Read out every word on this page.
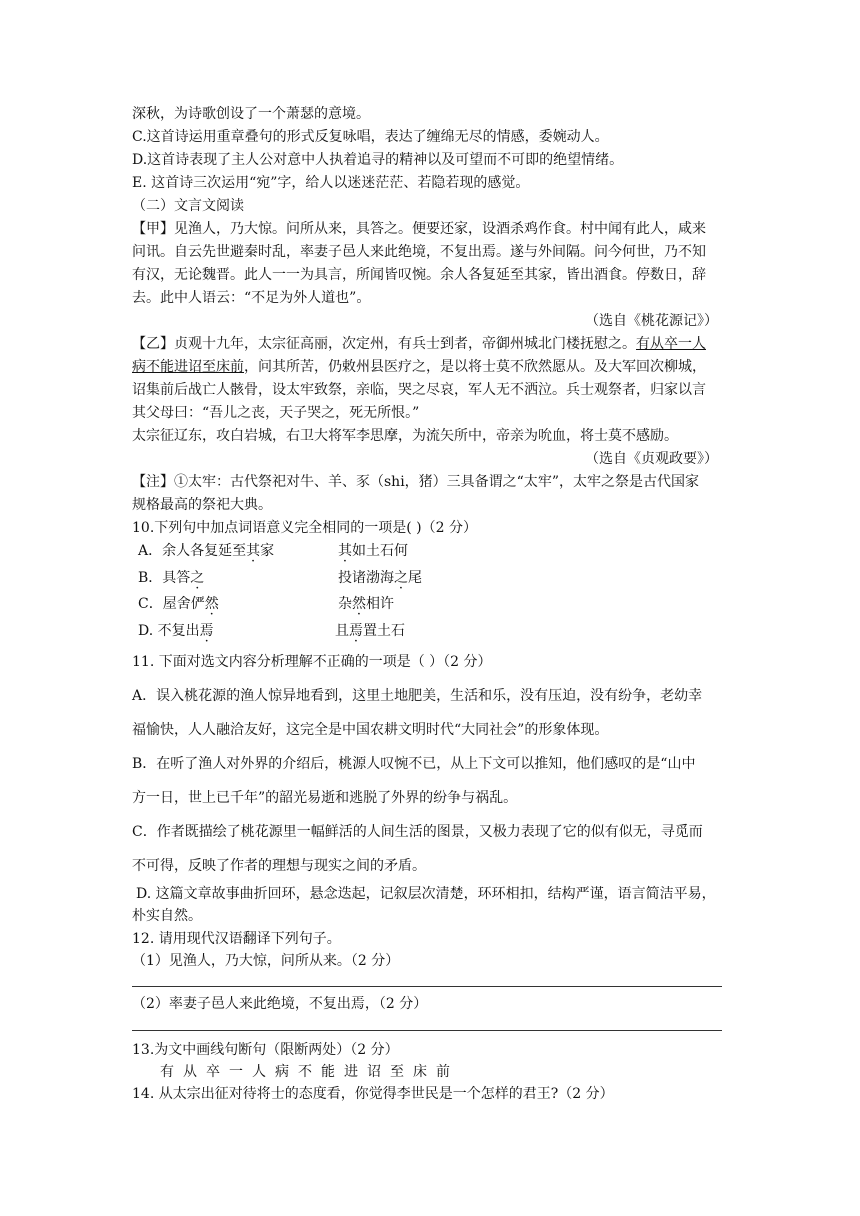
深秋，为诗歌创设了一个萧瑟的意境。
C.这首诗运用重章叠句的形式反复咏唱，表达了缠绵无尽的情感，委婉动人。
D.这首诗表现了主人公对意中人执着追寻的精神以及可望而不可即的绝望情绪。
E. 这首诗三次运用“宛”字，给人以迷迷茫茫、若隐若现的感觉。
（二）文言文阅读
【甲】见渔人，乃大惊。问所从来，具答之。便要还家，设酒杀鸡作食。村中闻有此人，咸来
问讯。自云先世避秦时乱，率妻子邑人来此绝境，不复出焉。遂与外间隔。问今何世，乃不知
有汉，无论魏晋。此人一一为具言，所闻皆叹惋。余人各复延至其家，皆出酒食。停数日，辞
去。此中人语云：“不足为外人道也”。
（选自《桃花源记》）
【乙】贞观十九年，太宗征高丽，次定州，有兵士到者，帝御州城北门楼抚慰之。有从卒一人
病不能进诏至床前，问其所苦，仍敕州县医疗之，是以将士莫不欣然愿从。及大军回次柳城，
诏集前后战亡人骸骨，设太牢致祭，亲临，哭之尽哀，军人无不洒泣。兵士观祭者，归家以言
其父母曰：“吾儿之丧，天子哭之，死无所恨。”
太宗征辽东，攻白岩城，右卫大将军李思摩，为流矢所中，帝亲为吮血，将士莫不感励。
（选自《贞观政要》）
【注】①太牢：古代祭祀对牛、羊、豕（shi，猪）三具备谓之“太牢”，太牢之祭是古代国家
规格最高的祭祀大典。
10.下列句中加点词语意义完全相同的一项是( )（2 分）
A．余人各复延至其家	其如土石何
B．具答之	投诸渤海之尾
C．屋舍俨然	杂然相许
D. 不复出焉	且焉置土石
11. 下面对选文内容分析理解不正确的一项是（ ）（2 分）
A．误入桃花源的渔人惊异地看到，这里土地肥美，生活和乐，没有压迫，没有纷争，老幼幸
福愉快，人人融洽友好，这完全是中国农耕文明时代“大同社会”的形象体现。
B．在听了渔人对外界的介绍后，桃源人叹惋不已，从上下文可以推知，他们感叹的是“山中
方一日，世上已千年”的韶光易逝和逃脱了外界的纷争与祸乱。
C．作者既描绘了桃花源里一幅鲜活的人间生活的图景，又极力表现了它的似有似无，寻觅而
不可得，反映了作者的理想与现实之间的矛盾。
D. 这篇文章故事曲折回环，悬念迭起，记叙层次清楚，环环相扣，结构严谨，语言简洁平易，
朴实自然。
12. 请用现代汉语翻译下列句子。
（1）见渔人，乃大惊，问所从来。（2 分）
（2）率妻子邑人来此绝境，不复出焉，（2 分）
13.为文中画线句断句（限断两处）（2 分）
有从卒一人病不能进诏至床前
14. 从太宗出征对待将士的态度看，你觉得李世民是一个怎样的君王?（2 分）
